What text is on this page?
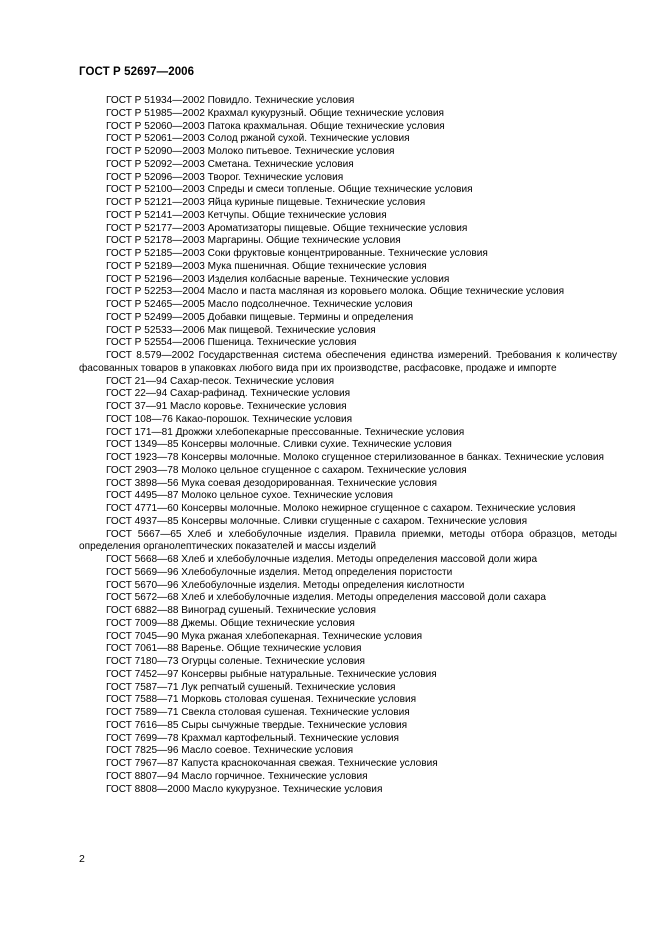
ГОСТ Р 52697—2006
ГОСТ Р 51934—2002 Повидло. Технические условия
ГОСТ Р 51985—2002 Крахмал кукурузный. Общие технические условия
ГОСТ Р 52060—2003 Патока крахмальная. Общие технические условия
ГОСТ Р 52061—2003 Солод ржаной сухой. Технические условия
ГОСТ Р 52090—2003 Молоко питьевое. Технические условия
ГОСТ Р 52092—2003 Сметана. Технические условия
ГОСТ Р 52096—2003 Творог. Технические условия
ГОСТ Р 52100—2003 Спреды и смеси топленые. Общие технические условия
ГОСТ Р 52121—2003 Яйца куриные пищевые. Технические условия
ГОСТ Р 52141—2003 Кетчупы. Общие технические условия
ГОСТ Р 52177—2003 Ароматизаторы пищевые. Общие технические условия
ГОСТ Р 52178—2003 Маргарины. Общие технические условия
ГОСТ Р 52185—2003 Соки фруктовые концентрированные. Технические условия
ГОСТ Р 52189—2003 Мука пшеничная. Общие технические условия
ГОСТ Р 52196—2003 Изделия колбасные вареные. Технические условия
ГОСТ Р 52253—2004 Масло и паста масляная из коровьего молока. Общие технические условия
ГОСТ Р 52465—2005 Масло подсолнечное. Технические условия
ГОСТ Р 52499—2005 Добавки пищевые. Термины и определения
ГОСТ Р 52533—2006 Мак пищевой. Технические условия
ГОСТ Р 52554—2006 Пшеница. Технические условия
ГОСТ 8.579—2002 Государственная система обеспечения единства измерений. Требования к количеству фасованных товаров в упаковках любого вида при их производстве, расфасовке, продаже и импорте
ГОСТ 21—94 Сахар-песок. Технические условия
ГОСТ 22—94 Сахар-рафинад. Технические условия
ГОСТ 37—91 Масло коровье. Технические условия
ГОСТ 108—76 Какао-порошок. Технические условия
ГОСТ 171—81 Дрожжи хлебопекарные прессованные. Технические условия
ГОСТ 1349—85 Консервы молочные. Сливки сухие. Технические условия
ГОСТ 1923—78 Консервы молочные. Молоко сгущенное стерилизованное в банках. Технические условия
ГОСТ 2903—78 Молоко цельное сгущенное с сахаром. Технические условия
ГОСТ 3898—56 Мука соевая дезодорированная. Технические условия
ГОСТ 4495—87 Молоко цельное сухое. Технические условия
ГОСТ 4771—60 Консервы молочные. Молоко нежирное сгущенное с сахаром. Технические условия
ГОСТ 4937—85 Консервы молочные. Сливки сгущенные с сахаром. Технические условия
ГОСТ 5667—65 Хлеб и хлебобулочные изделия. Правила приемки, методы отбора образцов, методы определения органолептических показателей и массы изделий
ГОСТ 5668—68 Хлеб и хлебобулочные изделия. Методы определения массовой доли жира
ГОСТ 5669—96 Хлебобулочные изделия. Метод определения пористости
ГОСТ 5670—96 Хлебобулочные изделия. Методы определения кислотности
ГОСТ 5672—68 Хлеб и хлебобулочные изделия. Методы определения массовой доли сахара
ГОСТ 6882—88 Виноград сушеный. Технические условия
ГОСТ 7009—88 Джемы. Общие технические условия
ГОСТ 7045—90 Мука ржаная хлебопекарная. Технические условия
ГОСТ 7061—88 Варенье. Общие технические условия
ГОСТ 7180—73 Огурцы соленые. Технические условия
ГОСТ 7452—97 Консервы рыбные натуральные. Технические условия
ГОСТ 7587—71 Лук репчатый сушеный. Технические условия
ГОСТ 7588—71 Морковь столовая сушеная. Технические условия
ГОСТ 7589—71 Свекла столовая сушеная. Технические условия
ГОСТ 7616—85 Сыры сычужные твердые. Технические условия
ГОСТ 7699—78 Крахмал картофельный. Технические условия
ГОСТ 7825—96 Масло соевое. Технические условия
ГОСТ 7967—87 Капуста краснокочанная свежая. Технические условия
ГОСТ 8807—94 Масло горчичное. Технические условия
ГОСТ 8808—2000 Масло кукурузное. Технические условия
2
